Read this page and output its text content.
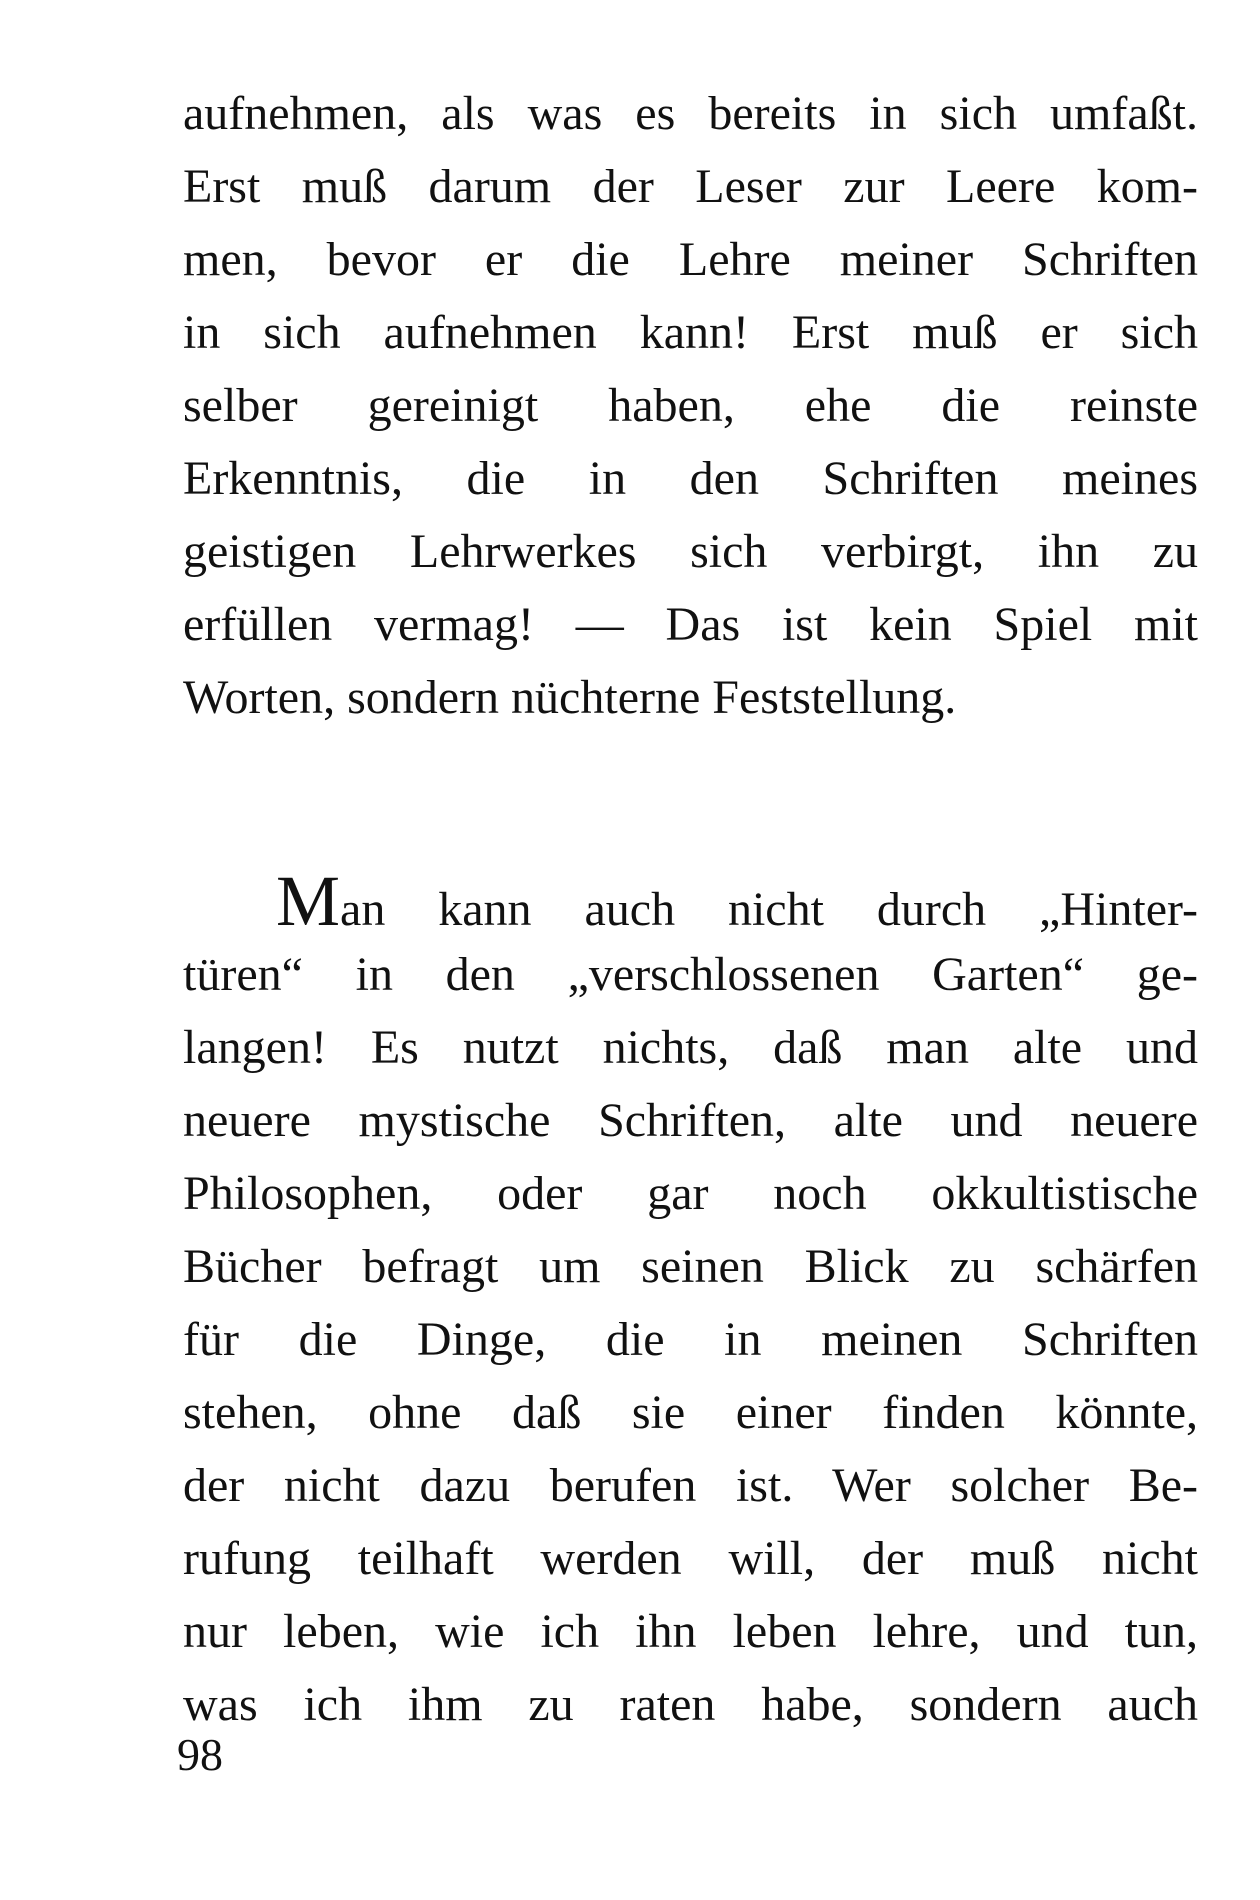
aufnehmen, als was es bereits in sich umfaßt.
Erst muß darum der Leser zur Leere kom-
men, bevor er die Lehre meiner Schriften
in sich aufnehmen kann! Erst muß er sich
selber gereinigt haben, ehe die reinste
Erkenntnis, die in den Schriften meines
geistigen Lehrwerkes sich verbirgt, ihn zu
erfüllen vermag! — Das ist kein Spiel mit
Worten, sondern nüchterne Feststellung.
Man kann auch nicht durch „Hinter-
türen“ in den „verschlossenen Garten“ ge-
langen! Es nutzt nichts, daß man alte und
neuere mystische Schriften, alte und neuere
Philosophen, oder gar noch okkultistische
Bücher befragt um seinen Blick zu schärfen
für die Dinge, die in meinen Schriften
stehen, ohne daß sie einer finden könnte,
der nicht dazu berufen ist. Wer solcher Be-
rufung teilhaft werden will, der muß nicht
nur leben, wie ich ihn leben lehre, und tun,
was ich ihm zu raten habe, sondern auch
98
